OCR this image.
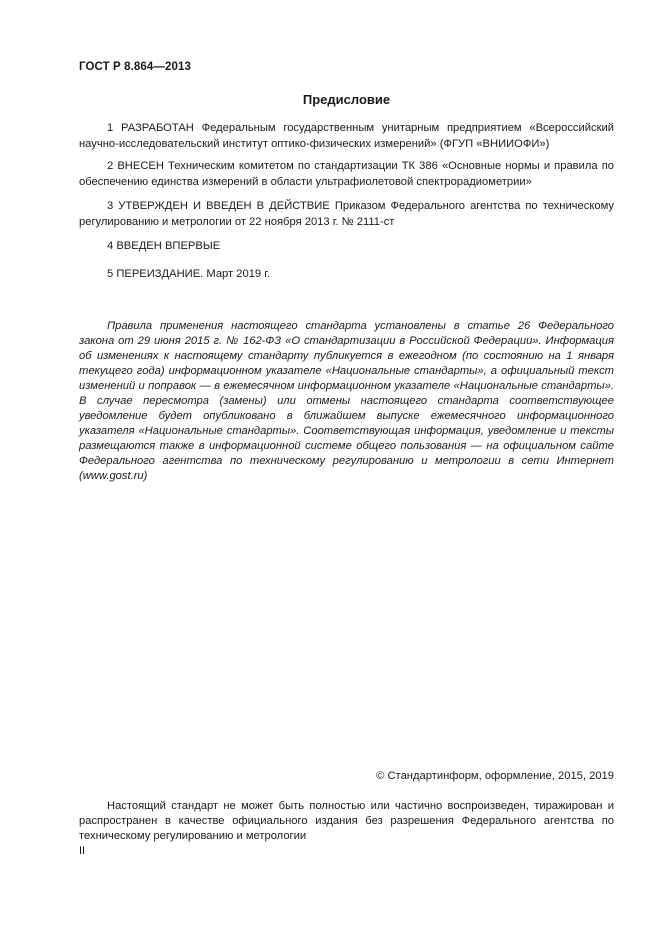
ГОСТ Р 8.864—2013
Предисловие

1 РАЗРАБОТАН Федеральным государственным унитарным предприятием «Всероссийский научно-исследовательский институт оптико-физических измерений» (ФГУП «ВНИИОФИ»)

2 ВНЕСЕН Техническим комитетом по стандартизации ТК 386 «Основные нормы и правила по обеспечению единства измерений в области ультрафиолетовой спектрорадиометрии»

3 УТВЕРЖДЕН И ВВЕДЕН В ДЕЙСТВИЕ Приказом Федерального агентства по техническому регулированию и метрологии от 22 ноября 2013 г. № 2111-ст

4 ВВЕДЕН ВПЕРВЫЕ

5 ПЕРЕИЗДАНИЕ. Март 2019 г.

Правила применения настоящего стандарта установлены в статье 26 Федерального закона от 29 июня 2015 г. № 162-ФЗ «О стандартизации в Российской Федерации». Информация об изменениях к настоящему стандарту публикуется в ежегодном (по состоянию на 1 января текущего года) информационном указателе «Национальные стандарты», а официальный текст изменений и поправок — в ежемесячном информационном указателе «Национальные стандарты». В случае пересмотра (замены) или отмены настоящего стандарта соответствующее уведомление будет опубликовано в ближайшем выпуске ежемесячного информационного указателя «Национальные стандарты». Соответствующая информация, уведомление и тексты размещаются также в информационной системе общего пользования — на официальном сайте Федерального агентства по техническому регулированию и метрологии в сети Интернет (www.gost.ru)

© Стандартинформ, оформление, 2015, 2019

Настоящий стандарт не может быть полностью или частично воспроизведен, тиражирован и распространен в качестве официального издания без разрешения Федерального агентства по техническому регулированию и метрологии

II
